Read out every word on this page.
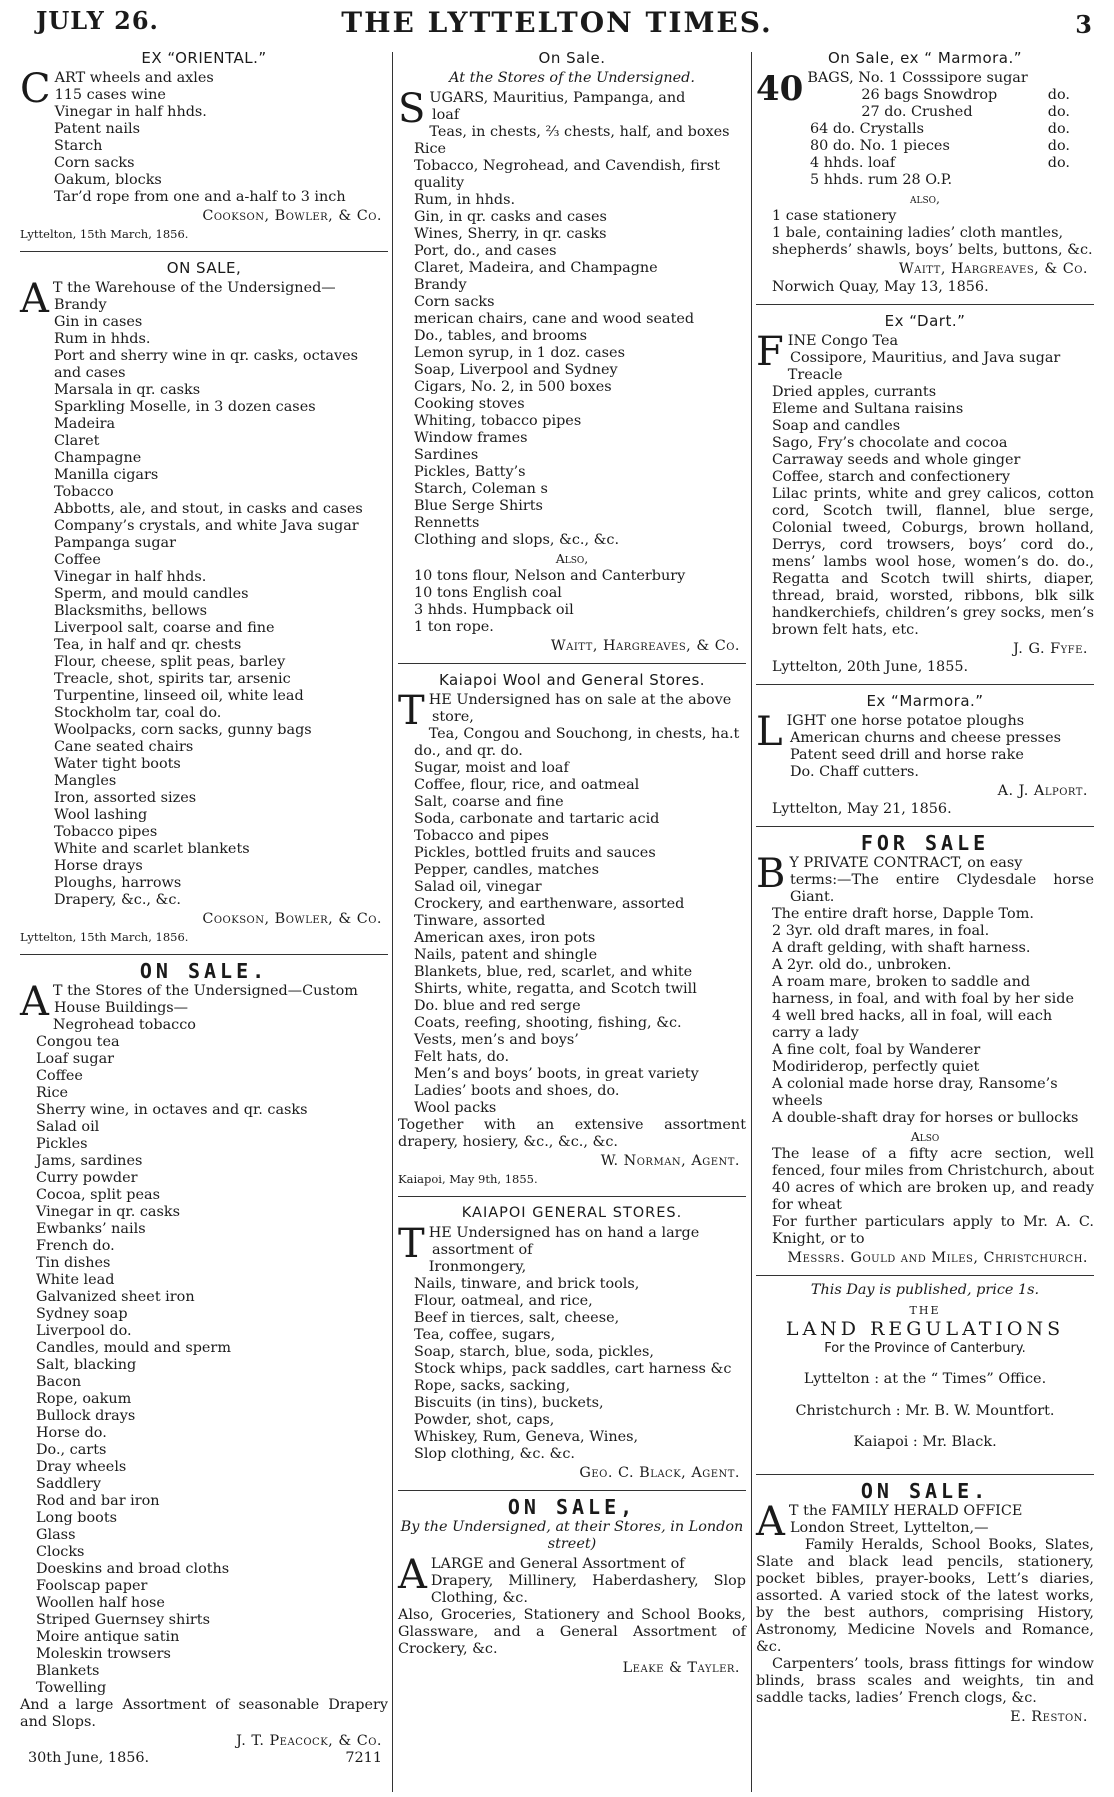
JULY 26.	THE LYTTELTON TIMES.	3
EX “ORIENTAL.”

CART wheels and axles

115 cases wine

Vinegar in half hhds.

Patent nails

Starch

Corn sacks

Oakum, blocks

Tar’d rope from one and a-half to 3 inch

Cookson, Bowler, & Co.
Lyttelton, 15th March, 1856.
ON SALE,

A T the Warehouse of the Undersigned—

Brandy

Gin in cases

Rum in hhds.

Port and sherry wine in qr. casks, octaves

and cases

Marsala in qr. casks

Sparkling Moselle, in 3 dozen cases

Madeira

Claret

Champagne

Manilla cigars

Tobacco

Abbotts, ale, and stout, in casks and cases

Company’s crystals, and white Java sugar

Pampanga sugar

Coffee

Vinegar in half hhds.

Sperm, and mould candles

Blacksmiths, bellows

Liverpool salt, coarse and fine

Tea, in half and qr. chests

Flour, cheese, split peas, barley

Treacle, shot, spirits tar, arsenic

Turpentine, linseed oil, white lead

Stockholm tar, coal do.

Woolpacks, corn sacks, gunny bags

Cane seated chairs

Water tight boots

Mangles

Iron, assorted sizes

Wool lashing

Tobacco pipes

White and scarlet blankets

Horse drays

Ploughs, harrows

Drapery, &c., &c.

Cookson, Bowler, & Co.
Lyttelton, 15th March, 1856.
ON SALE.

A T the Stores of the Undersigned—Custom

House Buildings—

Negrohead tobacco

Congou tea

Loaf sugar

Coffee

Rice

Sherry wine, in octaves and qr. casks

Salad oil

Pickles

Jams, sardines

Curry powder

Cocoa, split peas

Vinegar in qr. casks

Ewbanks’ nails

French do.

Tin dishes

White lead

Galvanized sheet iron

Sydney soap

Liverpool do.

Candles, mould and sperm

Salt, blacking

Bacon

Rope, oakum

Bullock drays

Horse do.

Do., carts

Dray wheels

Saddlery

Rod and bar iron

Long boots

Glass

Clocks

Doeskins and broad cloths

Foolscap paper

Woollen half hose

Striped Guernsey shirts

Moire antique satin

Moleskin trowsers

Blankets

Towelling

And a large Assortment of seasonable Drapery and Slops.

J. T. Peacock, & Co.
30th June, 1856.	7211
On Sale.
At the Stores of the Undersigned.

SUGARS, Mauritius, Pampanga, and

loaf

Teas, in chests, ⅔ chests, half, and boxes

Rice

Tobacco, Negrohead, and Cavendish, first

quality

Rum, in hhds.

Gin, in qr. casks and cases

Wines, Sherry, in qr. casks

Port, do., and cases

Claret, Madeira, and Champagne

Brandy

Corn sacks

merican chairs, cane and wood seated

Do., tables, and brooms

Lemon syrup, in 1 doz. cases

Soap, Liverpool and Sydney

Cigars, No. 2, in 500 boxes

Cooking stoves

Whiting, tobacco pipes

Window frames

Sardines

Pickles, Batty’s

Starch, Coleman s

Blue Serge Shirts

Rennetts

Clothing and slops, &c., &c.

Also,

10 tons flour, Nelson and Canterbury

10 tons English coal

3 hhds. Humpback oil

1 ton rope.

Waitt, Hargreaves, & Co.
Kaiapoi Wool and General Stores.

THE Undersigned has on sale at the above

store,

Tea, Congou and Souchong, in chests, ha.t do., and qr. do.

Sugar, moist and loaf

Coffee, flour, rice, and oatmeal

Salt, coarse and fine

Soda, carbonate and tartaric acid

Tobacco and pipes

Pickles, bottled fruits and sauces

Pepper, candles, matches

Salad oil, vinegar

Crockery, and earthenware, assorted

Tinware, assorted

American axes, iron pots

Nails, patent and shingle

Blankets, blue, red, scarlet, and white

Shirts, white, regatta, and Scotch twill

Do. blue and red serge

Coats, reefing, shooting, fishing, &c.

Vests, men’s and boys’

Felt hats, do.

Men’s and boys’ boots, in great variety

Ladies’ boots and shoes, do.

Wool packs

Together with an extensive assortment drapery, hosiery, &c., &c., &c.

W. Norman, Agent.
Kaiapoi, May 9th, 1855.
KAIAPOI GENERAL STORES.

THE Undersigned has on hand a large

assortment of

Ironmongery,

Nails, tinware, and brick tools,

Flour, oatmeal, and rice,

Beef in tierces, salt, cheese,

Tea, coffee, sugars,

Soap, starch, blue, soda, pickles,

Stock whips, pack saddles, cart harness &c

Rope, sacks, sacking,

Biscuits (in tins), buckets,

Powder, shot, caps,

Whiskey, Rum, Geneva, Wines,

Slop clothing, &c. &c.

Geo. C. Black, Agent.
ON SALE,
By the Undersigned, at their Stores, in London street)

ALARGE and General Assortment of

Drapery, Millinery, Haberdashery, Slop Clothing, &c.

Also, Groceries, Stationery and School Books, Glassware, and a General Assortment of Crockery, &c.

Leake & Tayler.
On Sale, ex “ Marmora.”

40 BAGS, No. 1 Cosssipore sugar

26 bags Snowdrop	do.
27 do. Crushed	do.
64 do. Crystalls	do.
80 do. No. 1 pieces	do.
4 hhds. loaf	do.
5 hhds. rum 28 O.P.
also,

1 case stationery

1 bale, containing ladies’ cloth mantles, shepherds’ shawls, boys’ belts, buttons, &c.

Waitt, Hargreaves, & Co.
Norwich Quay, May 13, 1856.
Ex “Dart.”

FINE Congo Tea

Cossipore, Mauritius, and Java sugar

Treacle

Dried apples, currants

Eleme and Sultana raisins

Soap and candles

Sago, Fry’s chocolate and cocoa

Carraway seeds and whole ginger

Coffee, starch and confectionery

Lilac prints, white and grey calicos, cotton cord, Scotch twill, flannel, blue serge, Colonial tweed, Coburgs, brown holland, Derrys, cord trowsers, boys’ cord do., mens’ lambs wool hose, women’s do. do., Regatta and Scotch twill shirts, diaper, thread, braid, worsted, ribbons, blk silk handkerchiefs, children’s grey socks, men’s brown felt hats, etc.

J. G. Fyfe.
Lyttelton, 20th June, 1855.
Ex “Marmora.”

LIGHT one horse potatoe ploughs

American churns and cheese presses

Patent seed drill and horse rake

Do. Chaff cutters.

A. J. Alport.
Lyttelton, May 21, 1856.
FOR SALE

B Y PRIVATE CONTRACT, on easy

terms:—The entire Clydesdale horse Giant.

The entire draft horse, Dapple Tom.

2 3yr. old draft mares, in foal.

A draft gelding, with shaft harness.

A 2yr. old do., unbroken.

A roam mare, broken to saddle and harness, in foal, and with foal by her side

4 well bred hacks, all in foal, will each carry a lady

A fine colt, foal by Wanderer

Modiriderop, perfectly quiet

A colonial made horse dray, Ransome’s wheels

A double-shaft dray for horses or bullocks

Also

The lease of a fifty acre section, well fenced, four miles from Christchurch, about 40 acres of which are broken up, and ready for wheat

For further particulars apply to Mr. A. C. Knight, or to

Messrs. Gould and Miles, Christchurch.
This Day is published, price 1s.
THE
LAND REGULATIONS
For the Province of Canterbury.

Lyttelton : at the “ Times” Office.

Christchurch : Mr. B. W. Mountfort.

Kaiapoi : Mr. Black.

ON SALE.

A T the FAMILY HERALD OFFICE

London Street, Lyttelton,—

Family Heralds, School Books, Slates, Slate and black lead pencils, stationery, pocket bibles, prayer-books, Lett’s diaries, assorted. A varied stock of the latest works, by the best authors, comprising History, Astronomy, Medicine Novels and Romance, &c.

Carpenters’ tools, brass fittings for window blinds, brass scales and weights, tin and saddle tacks, ladies’ French clogs, &c.

E. Reston.
